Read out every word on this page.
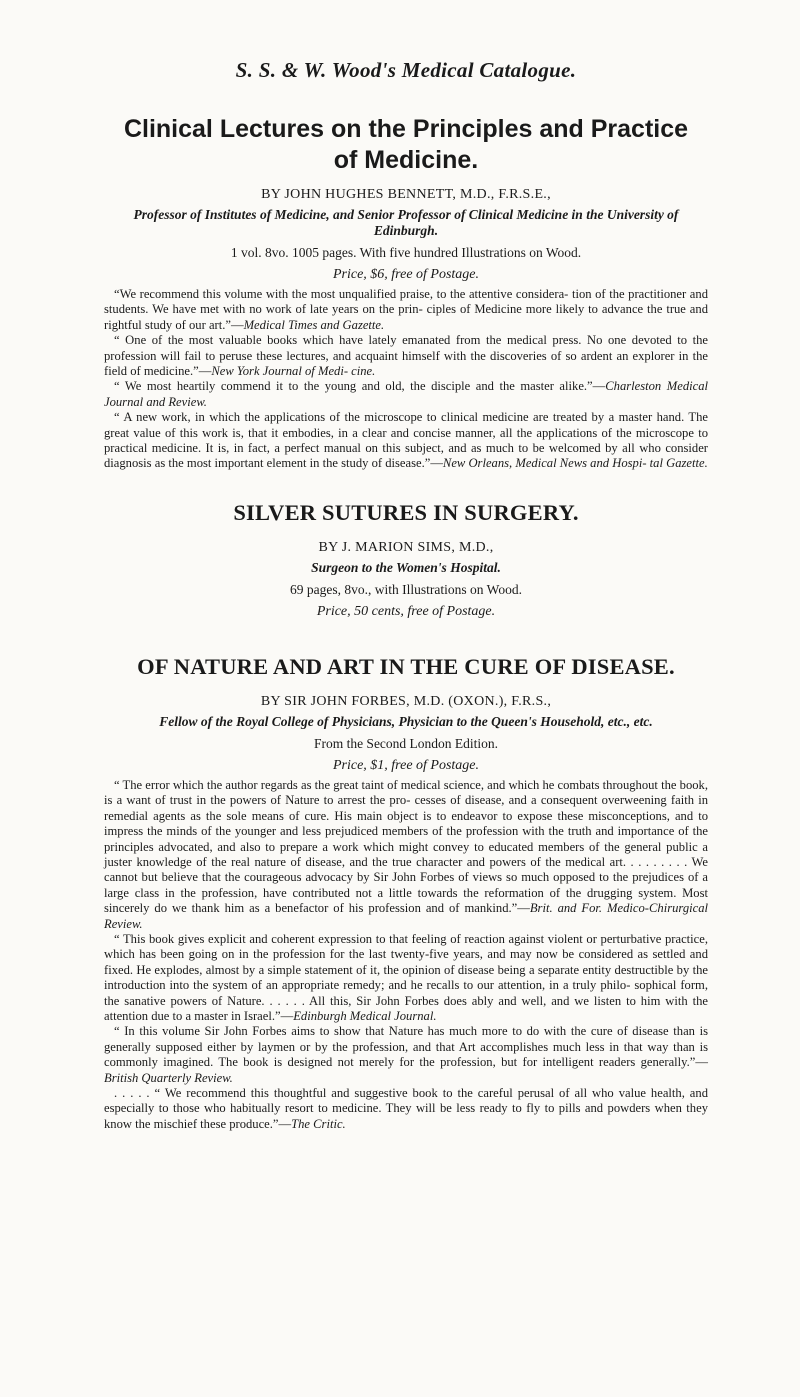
S. S. & W. Wood's Medical Catalogue.
Clinical Lectures on the Principles and Practice
of Medicine.
BY JOHN HUGHES BENNETT, M.D., F.R.S.E.,
Professor of Institutes of Medicine, and Senior Professor of Clinical Medicine in the University of Edinburgh.
1 vol. 8vo. 1005 pages. With five hundred Illustrations on Wood.
Price, $6, free of Postage.

“We recommend this volume with the most unqualified praise, to the attentive considera- tion of the practitioner and students. We have met with no work of late years on the prin- ciples of Medicine more likely to advance the true and rightful study of our art.”—Medical Times and Gazette.

“ One of the most valuable books which have lately emanated from the medical press. No one devoted to the profession will fail to peruse these lectures, and acquaint himself with the discoveries of so ardent an explorer in the field of medicine.”—New York Journal of Medi- cine.

“ We most heartily commend it to the young and old, the disciple and the master alike.”—Charleston Medical Journal and Review.

“ A new work, in which the applications of the microscope to clinical medicine are treated by a master hand. The great value of this work is, that it embodies, in a clear and concise manner, all the applications of the microscope to practical medicine. It is, in fact, a perfect manual on this subject, and as much to be welcomed by all who consider diagnosis as the most important element in the study of disease.”—New Orleans, Medical News and Hospi- tal Gazette.

SILVER SUTURES IN SURGERY.
BY J. MARION SIMS, M.D.,
Surgeon to the Women's Hospital.
69 pages, 8vo., with Illustrations on Wood.
Price, 50 cents, free of Postage.
OF NATURE AND ART IN THE CURE OF DISEASE.
BY SIR JOHN FORBES, M.D. (OXON.), F.R.S.,
Fellow of the Royal College of Physicians, Physician to the Queen's Household, etc., etc.
From the Second London Edition.
Price, $1, free of Postage.

“ The error which the author regards as the great taint of medical science, and which he combats throughout the book, is a want of trust in the powers of Nature to arrest the pro- cesses of disease, and a consequent overweening faith in remedial agents as the sole means of cure. His main object is to endeavor to expose these misconceptions, and to impress the minds of the younger and less prejudiced members of the profession with the truth and importance of the principles advocated, and also to prepare a work which might convey to educated members of the general public a juster knowledge of the real nature of disease, and the true character and powers of the medical art. . . . . . . . . We cannot but believe that the courageous advocacy by Sir John Forbes of views so much opposed to the prejudices of a large class in the profession, have contributed not a little towards the reformation of the drugging system. Most sincerely do we thank him as a benefactor of his profession and of mankind.”—Brit. and For. Medico-Chirurgical Review.

“ This book gives explicit and coherent expression to that feeling of reaction against violent or perturbative practice, which has been going on in the profession for the last twenty-five years, and may now be considered as settled and fixed. He explodes, almost by a simple statement of it, the opinion of disease being a separate entity destructible by the introduction into the system of an appropriate remedy; and he recalls to our attention, in a truly philo- sophical form, the sanative powers of Nature. . . . . . All this, Sir John Forbes does ably and well, and we listen to him with the attention due to a master in Israel.”—Edinburgh Medical Journal.

“ In this volume Sir John Forbes aims to show that Nature has much more to do with the cure of disease than is generally supposed either by laymen or by the profession, and that Art accomplishes much less in that way than is commonly imagined. The book is designed not merely for the profession, but for intelligent readers generally.”—British Quarterly Review.

. . . . . “ We recommend this thoughtful and suggestive book to the careful perusal of all who value health, and especially to those who habitually resort to medicine. They will be less ready to fly to pills and powders when they know the mischief these produce.”—The Critic.
